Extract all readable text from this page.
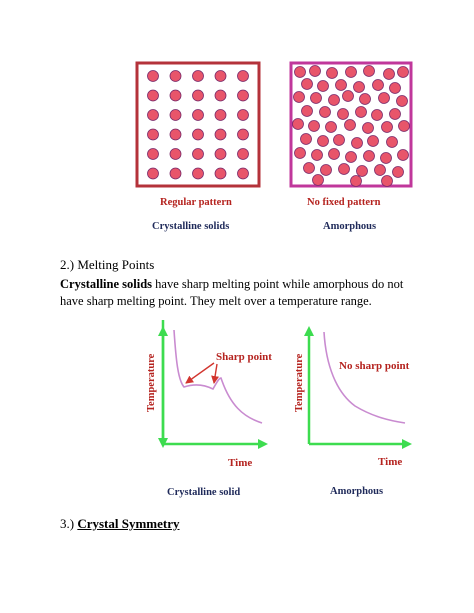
Regular pattern
Crystalline solids
No fixed pattern
Amorphous
2.) Melting Points
Crystalline solids have sharp melting point while amorphous do not have sharp melting point. They melt over a temperature range.
Sharp point
Temperature
Time
Crystalline solid
No sharp point
Temperature
Time
Amorphous
3.) Crystal Symmetry
